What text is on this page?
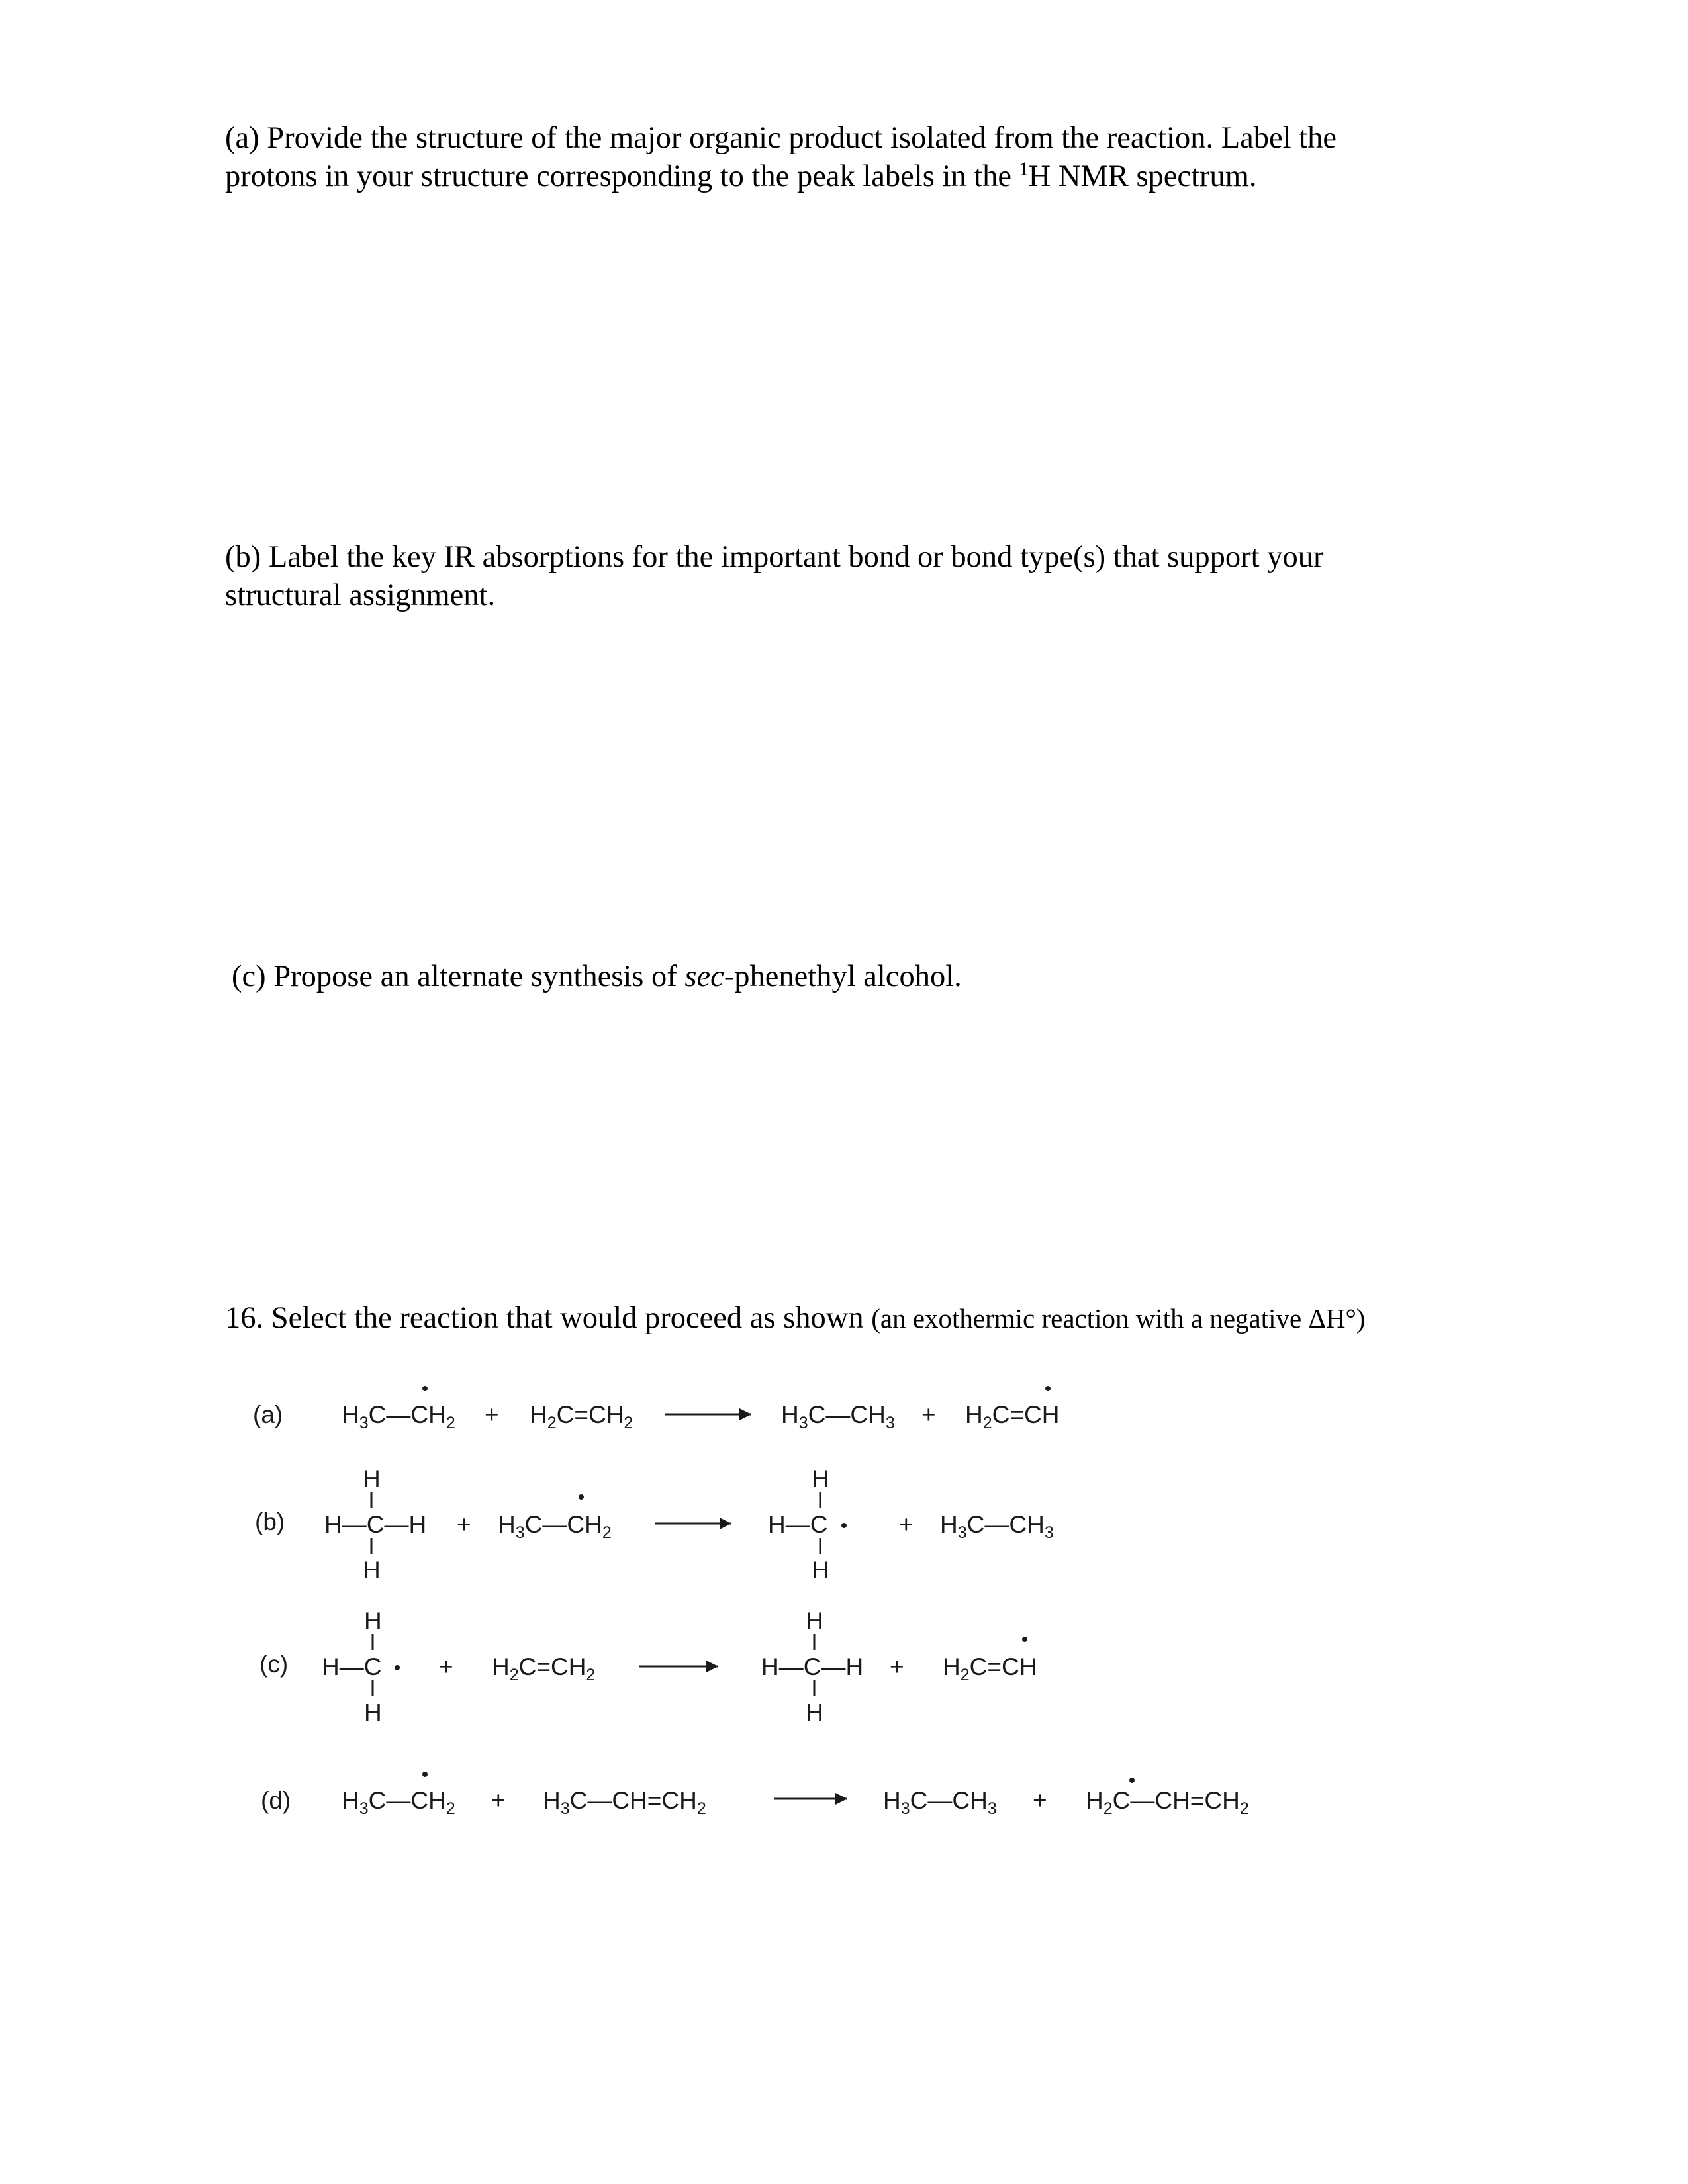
(a) Provide the structure of the major organic product isolated from the reaction. Label the
protons in your structure corresponding to the peak labels in the $^1$H NMR spectrum.
(b) Label the key IR absorptions for the important bond or bond type(s) that support your
structural assignment.
(c) Propose an alternate synthesis of sec-phenethyl alcohol.
16. Select the reaction that would proceed as shown (an exothermic reaction with a negative ΔH°)
(a) $H_3C—CH_2 + H_2C=CH_2$	$H_3C—CH_3 + H_2C=CH$
(b)
H
H—C—H
H
+ $H_3C—CH_2$
H
H—C
H
+ $H_3C—CH_3$
(c)
H
H—C
H
+ $H_2C=CH_2$
H
H—C—H
H
+ $H_2C=CH$
(d) $H_3C—CH_2$ + $H_3C—CH=CH_2$	$H_3C—CH_3$ + $H_2C—CH=CH_2$
